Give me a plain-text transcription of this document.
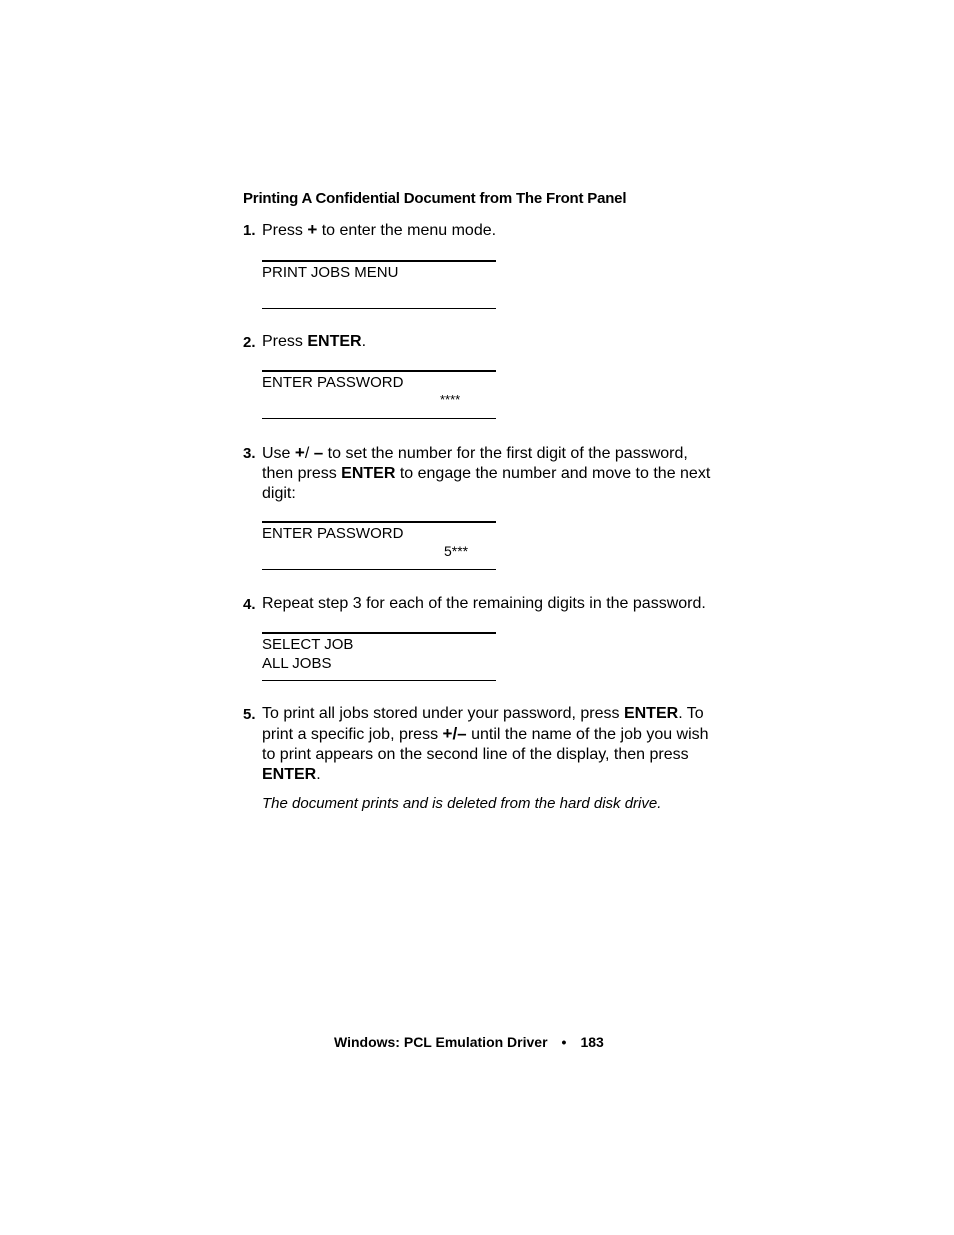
Printing A Confidential Document from The Front Panel
1. Press + to enter the menu mode.
PRINT JOBS MENU
2. Press ENTER.
ENTER PASSWORD
****
3. Use +/ – to set the number for the first digit of the password,
then press ENTER to engage the number and move to the next
digit:
ENTER PASSWORD
5***
4. Repeat step 3 for each of the remaining digits in the password.
SELECT JOB
ALL JOBS
5. To print all jobs stored under your password, press ENTER. To
print a specific job, press +/– until the name of the job you wish
to print appears on the second line of the display, then press
ENTER.
The document prints and is deleted from the hard disk drive.
Windows: PCL Emulation Driver • 183
